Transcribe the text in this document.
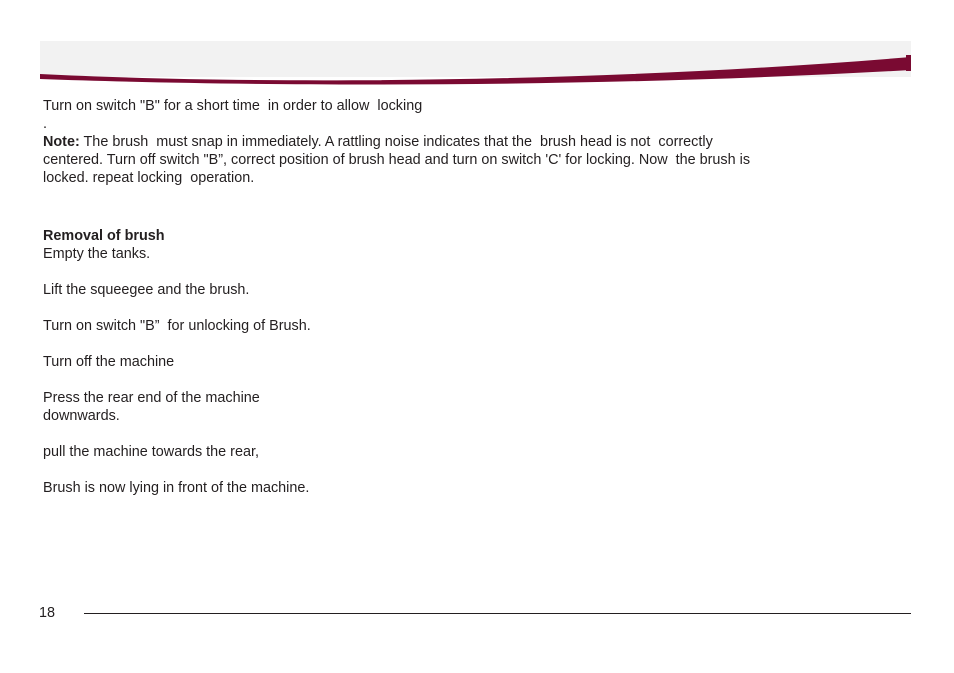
Turn on switch "B" for a short time  in order to allow  locking
.
Note: The brush  must snap in immediately. A rattling noise indicates that the  brush head is not  correctly
centered. Turn off switch "B”, correct position of brush head and turn on switch 'C' for locking. Now  the brush is
locked. repeat locking  operation.
Removal of brush
Empty the tanks.
Lift the squeegee and the brush.
Turn on switch "B”  for unlocking of Brush.
Turn off the machine
Press the rear end of the machine
downwards.
pull the machine towards the rear,
Brush is now lying in front of the machine.
18
